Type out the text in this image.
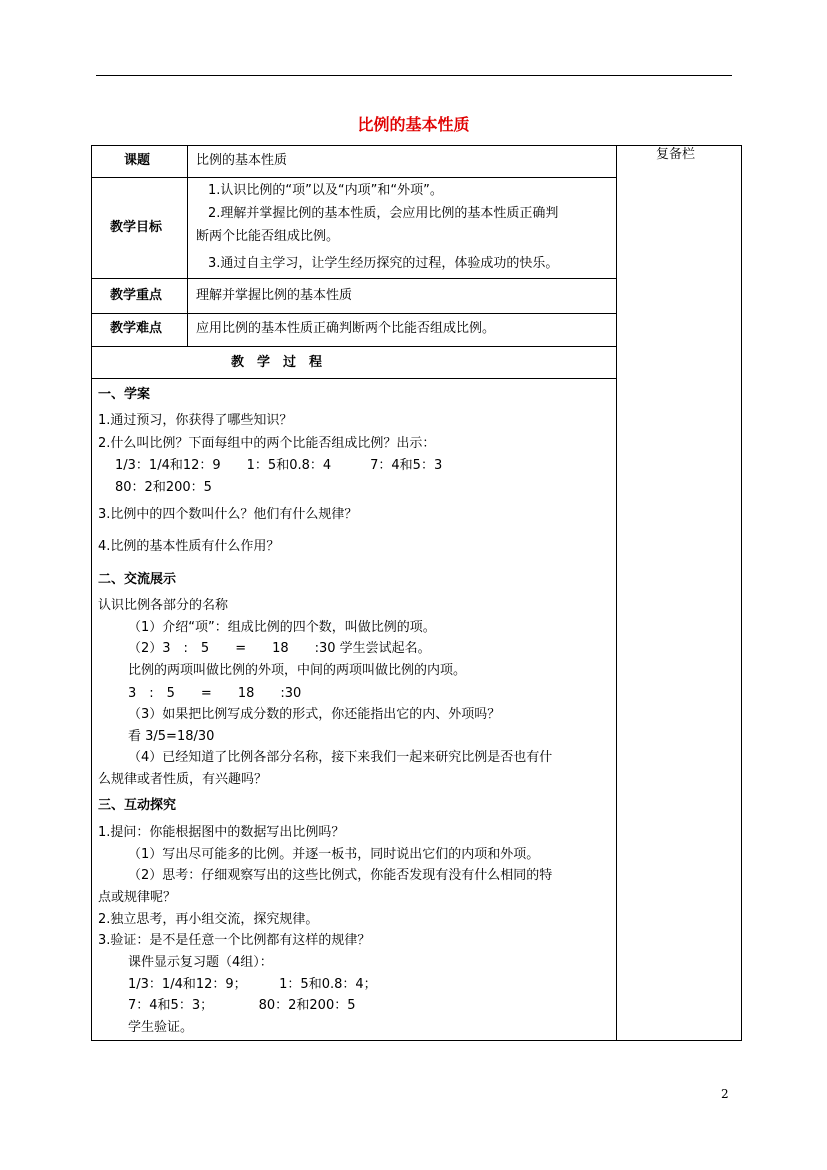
比例的基本性质
复备栏
课题
教学目标
教学重点
教学难点
比例的基本性质
1.认识比例的“项”以及“内项”和“外项”。
2.理解并掌握比例的基本性质，会应用比例的基本性质正确判
断两个比能否组成比例。
3.通过自主学习，让学生经历探究的过程，体验成功的快乐。
理解并掌握比例的基本性质
应用比例的基本性质正确判断两个比能否组成比例。
教　学　过　程
一、学案
1.通过预习，你获得了哪些知识？
2.什么叫比例？下面每组中的两个比能否组成比例？出示：
1/3：1/4和12：9　　1：5和0.8：4　　　7：4和5：3
80：2和200：5
3.比例中的四个数叫什么？他们有什么规律？
4.比例的基本性质有什么作用？
二、交流展示
认识比例各部分的名称
（1）介绍“项”：组成比例的四个数，叫做比例的项。
（2）3　:　5　　=　　18　　:30 学生尝试起名。
比例的两项叫做比例的外项，中间的两项叫做比例的内项。
3　:　5　　=　　18　　:30
（3）如果把比例写成分数的形式，你还能指出它的内、外项吗？
看 3/5=18/30
（4）已经知道了比例各部分名称，接下来我们一起来研究比例是否也有什
么规律或者性质，有兴趣吗？
三、互动探究
1.提问：你能根据图中的数据写出比例吗？
（1）写出尽可能多的比例。并逐一板书，同时说出它们的内项和外项。
（2）思考：仔细观察写出的这些比例式，你能否发现有没有什么相同的特
点或规律呢？
2.独立思考，再小组交流，探究规律。
3.验证：是不是任意一个比例都有这样的规律？
课件显示复习题（4组）：
1/3：1/4和12：9；　　　1：5和0.8：4；
7：4和5：3；　　　　80：2和200：5
学生验证。
2
